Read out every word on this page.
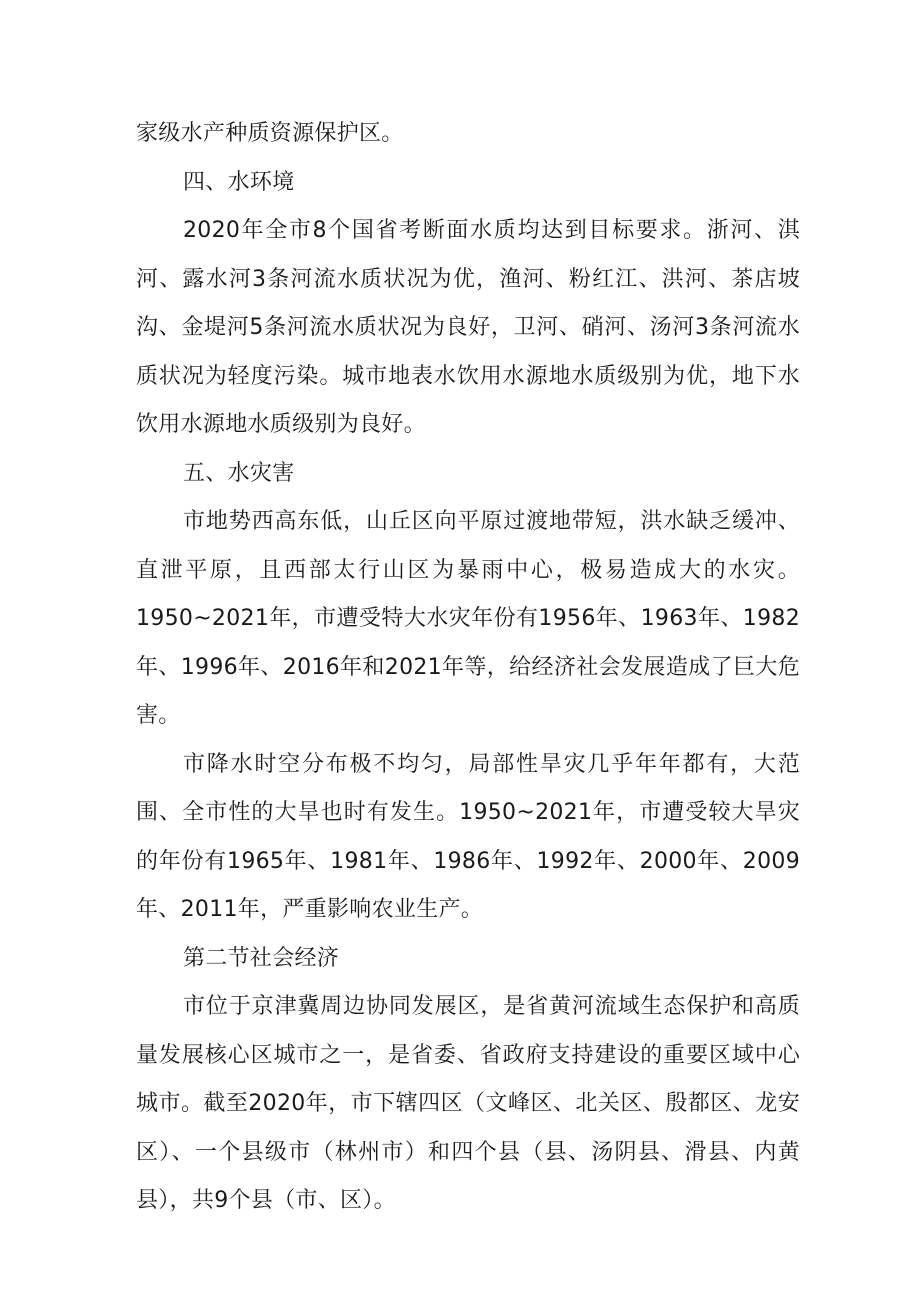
家级水产种质资源保护区。

四、水环境

2020年全市8个国省考断面水质均达到目标要求。浙河、淇河、露水河3条河流水质状况为优，渔河、粉红江、洪河、茶店坡沟、金堤河5条河流水质状况为良好，卫河、硝河、汤河3条河流水质状况为轻度污染。城市地表水饮用水源地水质级别为优，地下水饮用水源地水质级别为良好。

五、水灾害

市地势西高东低，山丘区向平原过渡地带短，洪水缺乏缓冲、直泄平原，且西部太行山区为暴雨中心，极易造成大的水灾。1950~2021年，市遭受特大水灾年份有1956年、1963年、1982年、1996年、2016年和2021年等，给经济社会发展造成了巨大危害。

市降水时空分布极不均匀，局部性旱灾几乎年年都有，大范围、全市性的大旱也时有发生。1950~2021年，市遭受较大旱灾的年份有1965年、1981年、1986年、1992年、2000年、2009年、2011年，严重影响农业生产。

第二节社会经济

市位于京津冀周边协同发展区，是省黄河流域生态保护和高质量发展核心区城市之一，是省委、省政府支持建设的重要区域中心城市。截至2020年，市下辖四区（文峰区、北关区、殷都区、龙安区）、一个县级市（林州市）和四个县（县、汤阴县、滑县、内黄县），共9个县（市、区）。
